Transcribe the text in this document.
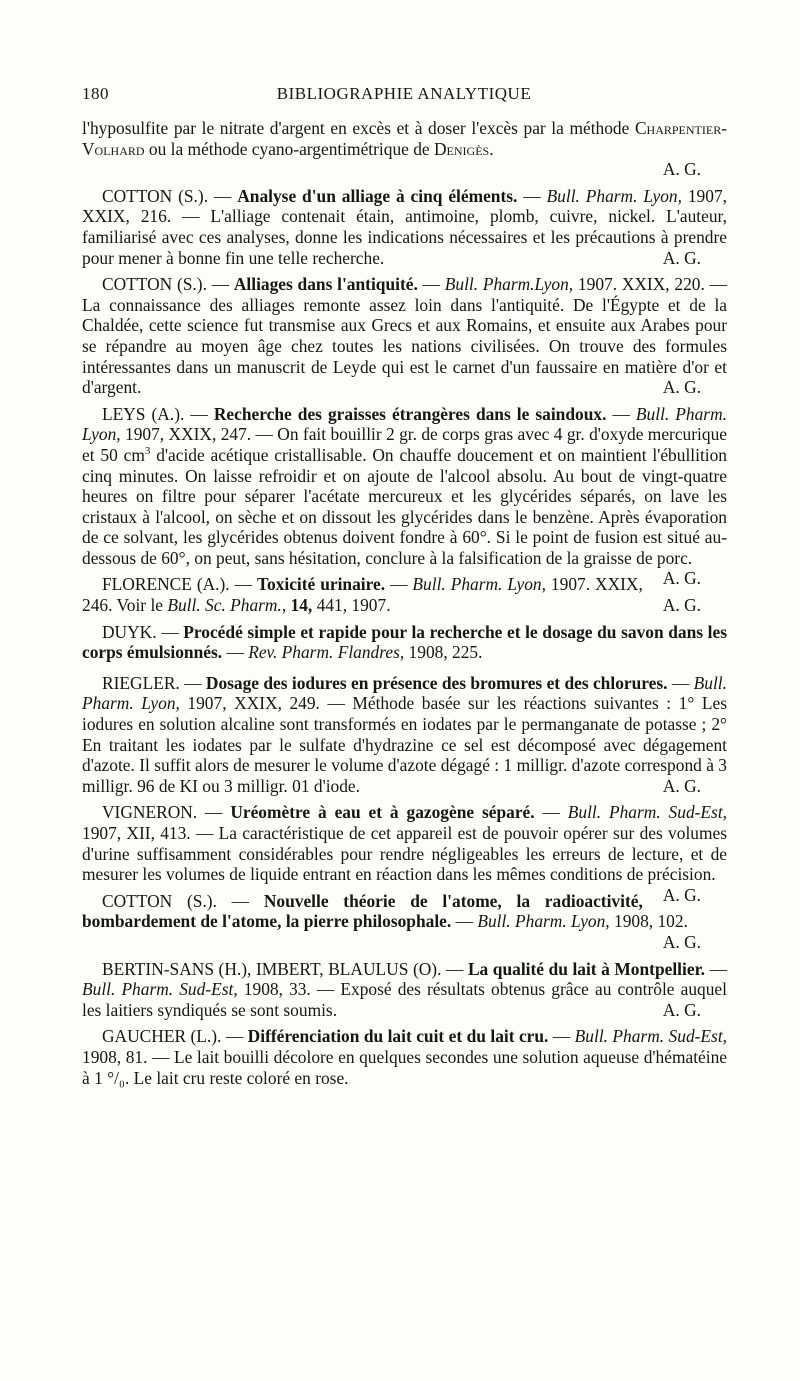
180	BIBLIOGRAPHIE ANALYTIQUE

l'hyposulfite par le nitrate d'argent en excès et à doser l'excès par la méthode Charpentier-Volhard ou la méthode cyano-argentimétrique de Denigès.

A. G.

COTTON (S.). — Analyse d'un alliage à cinq éléments. — Bull. Pharm. Lyon, 1907, XXIX, 216. — L'alliage contenait étain, antimoine, plomb, cuivre, nickel. L'auteur, familiarisé avec ces analyses, donne les indications nécessaires et les précautions à prendre pour mener à bonne fin une telle recherche.	A. G.

COTTON (S.). — Alliages dans l'antiquité. — Bull. Pharm.Lyon, 1907. XXIX, 220. — La connaissance des alliages remonte assez loin dans l'antiquité. De l'Égypte et de la Chaldée, cette science fut transmise aux Grecs et aux Romains, et ensuite aux Arabes pour se répandre au moyen âge chez toutes les nations civilisées. On trouve des formules intéressantes dans un manuscrit de Leyde qui est le carnet d'un faussaire en matière d'or et d'argent.	A. G.

LEYS (A.). — Recherche des graisses étrangères dans le saindoux. — Bull. Pharm. Lyon, 1907, XXIX, 247. — On fait bouillir 2 gr. de corps gras avec 4 gr. d'oxyde mercurique et 50 $cm^3$ d'acide acétique cristallisable. On chauffe doucement et on maintient l'ébullition cinq minutes. On laisse refroidir et on ajoute de l'alcool absolu. Au bout de vingt-quatre heures on filtre pour séparer l'acétate mercureux et les glycérides séparés, on lave les cristaux à l'alcool, on sèche et on dissout les glycérides dans le benzène. Après évaporation de ce solvant, les glycérides obtenus doivent fondre à 60°. Si le point de fusion est situé au-dessous de 60°, on peut, sans hésitation, conclure à la falsification de la graisse de porc.
A. G.

FLORENCE (A.). — Toxicité urinaire. — Bull. Pharm. Lyon, 1907. XXIX, 246. Voir le Bull. Sc. Pharm., 14, 441, 1907.	A. G.

DUYK. — Procédé simple et rapide pour la recherche et le dosage du savon dans les corps émulsionnés. — Rev. Pharm. Flandres, 1908, 225.

RIEGLER. — Dosage des iodures en présence des bromures et des chlorures. — Bull. Pharm. Lyon, 1907, XXIX, 249. — Méthode basée sur les réactions suivantes : 1° Les iodures en solution alcaline sont transformés en iodates par le permanganate de potasse ; 2° En traitant les iodates par le sulfate d'hydrazine ce sel est décomposé avec dégagement d'azote. Il suffit alors de mesurer le volume d'azote dégagé : 1 milligr. d'azote correspond à 3 milligr. 96 de KI ou 3 milligr. 01 d'iode.	A. G.

VIGNERON. — Uréomètre à eau et à gazogène séparé. — Bull. Pharm. Sud-Est, 1907, XII, 413. — La caractéristique de cet appareil est de pouvoir opérer sur des volumes d'urine suffisamment considérables pour rendre négligeables les erreurs de lecture, et de mesurer les volumes de liquide entrant en réaction dans les mêmes conditions de précision.
A. G.

COTTON (S.). — Nouvelle théorie de l'atome, la radioactivité, bombardement de l'atome, la pierre philosophale. — Bull. Pharm. Lyon, 1908, 102.

A. G.

BERTIN-SANS (H.), IMBERT, BLAULUS (O). — La qualité du lait à Montpellier. — Bull. Pharm. Sud-Est, 1908, 33. — Exposé des résultats obtenus grâce au contrôle auquel les laitiers syndiqués se sont soumis.	A. G.

GAUCHER (L.). — Différenciation du lait cuit et du lait cru. — Bull. Pharm. Sud-Est, 1908, 81. — Le lait bouilli décolore en quelques secondes une solution aqueuse d'hématéine à 1 °/₀. Le lait cru reste coloré en rose.
